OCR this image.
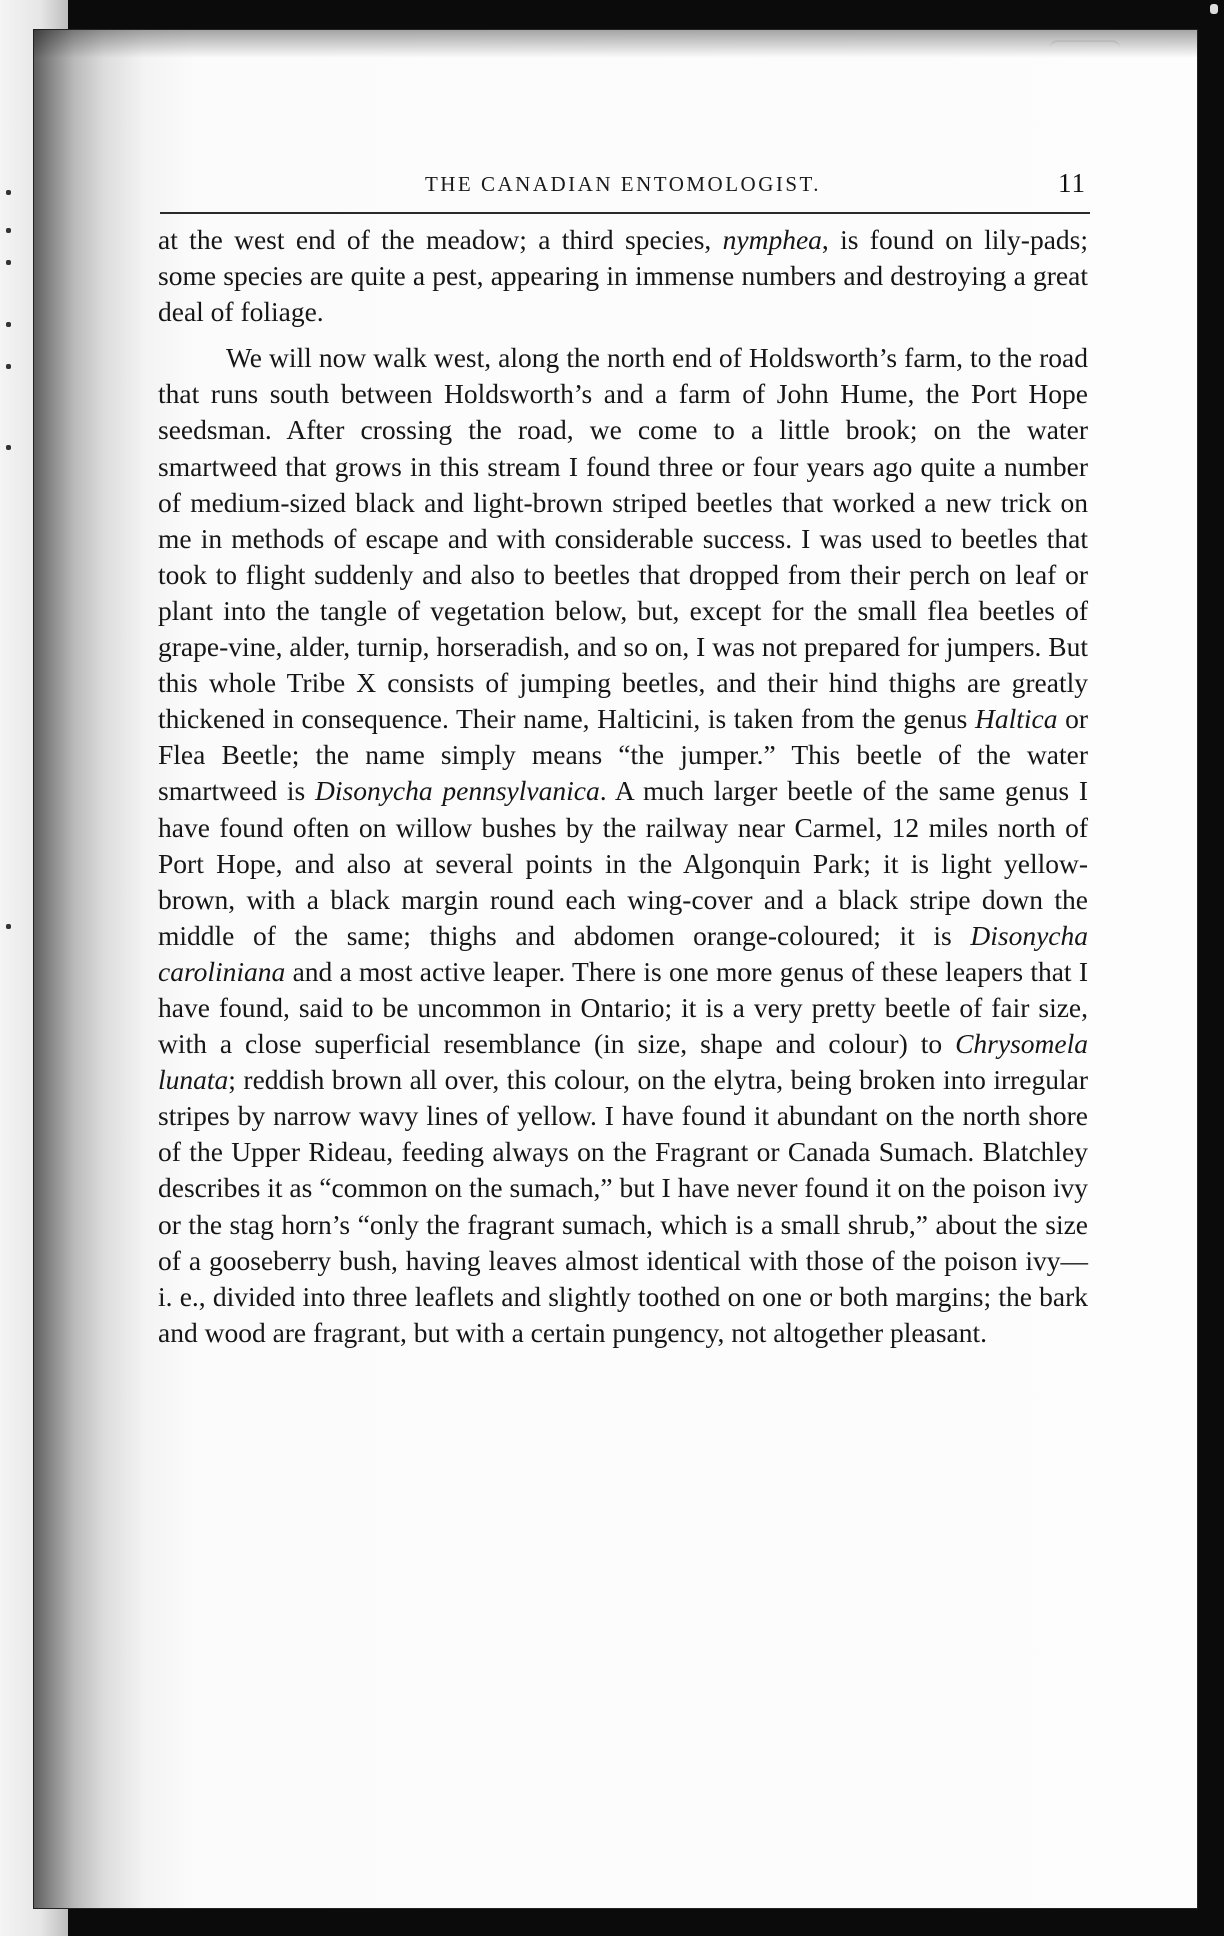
THE CANADIAN ENTOMOLOGIST.	11

at the west end of the meadow; a third species, nymphea, is found on lily-pads; some species are quite a pest, appearing in immense numbers and destroying a great deal of foliage.

We will now walk west, along the north end of Holdsworth’s farm, to the road that runs south between Holdsworth’s and a farm of John Hume, the Port Hope seedsman. After crossing the road, we come to a little brook; on the water smartweed that grows in this stream I found three or four years ago quite a number of medium-sized black and light-brown striped beetles that worked a new trick on me in methods of escape and with considerable success. I was used to beetles that took to flight suddenly and also to beetles that dropped from their perch on leaf or plant into the tangle of vegetation below, but, except for the small flea beetles of grape-vine, alder, turnip, horseradish, and so on, I was not prepared for jumpers. But this whole Tribe X consists of jumping beetles, and their hind thighs are greatly thickened in consequence. Their name, Halticini, is taken from the genus Haltica or Flea Beetle; the name simply means “the jumper.” This beetle of the water smartweed is Disonycha pennsylvanica. A much larger beetle of the same genus I have found often on willow bushes by the railway near Carmel, 12 miles north of Port Hope, and also at several points in the Algonquin Park; it is light yellow-brown, with a black margin round each wing-cover and a black stripe down the middle of the same; thighs and abdomen orange-coloured; it is Disonycha caroliniana and a most active leaper. There is one more genus of these leapers that I have found, said to be uncommon in Ontario; it is a very pretty beetle of fair size, with a close superficial resemblance (in size, shape and colour) to Chrysomela lunata; reddish brown all over, this colour, on the elytra, being broken into irregular stripes by narrow wavy lines of yellow. I have found it abundant on the north shore of the Upper Rideau, feeding always on the Fragrant or Canada Sumach. Blatchley describes it as “common on the sumach,” but I have never found it on the poison ivy or the stag horn’s “only the fragrant sumach, which is a small shrub,” about the size of a gooseberry bush, having leaves almost identical with those of the poison ivy—i. e., divided into three leaflets and slightly toothed on one or both margins; the bark and wood are fragrant, but with a certain pungency, not altogether pleasant.
